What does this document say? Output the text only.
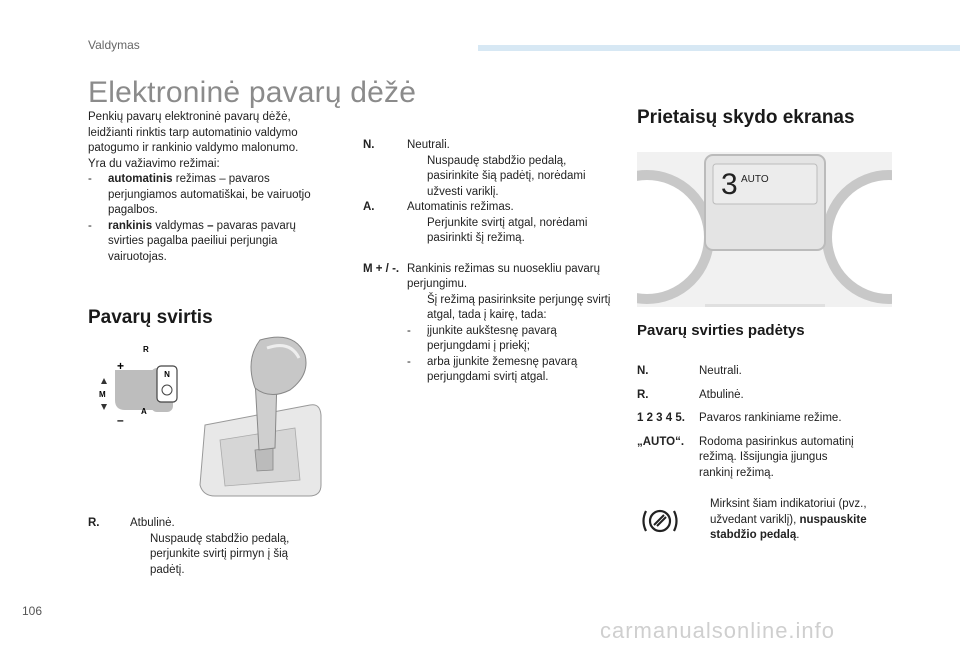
Valdymas
Elektroninė pavarų dėžė
Penkių pavarų elektroninė pavarų dėžė, leidžianti rinktis tarp automatinio valdymo patogumo ir rankinio valdymo malonumo.
Yra du važiavimo režimai:
- automatinis režimas – pavaros perjungiamos automatiškai, be vairuotjo pagalbos.
- rankinis valdymas – pavaras pavarų svirties pagalba paeiliui perjungia vairuotojas.
Pavarų svirtis
N
R
A
M
+
–
R.	Atbulinė.
Nuspaudę stabdžio pedalą, perjunkite svirtį pirmyn į šią padėtį.
N.	Neutrali.
Nuspaudę stabdžio pedalą, pasirinkite šią padėtį, norėdami užvesti variklį.
A.	Automatinis režimas.
Perjunkite svirtį atgal, norėdami pasirinkti šį režimą.
M + / -. Rankinis režimas su nuosekliu pavarų perjungimu.
Šį režimą pasirinksite perjungę svirtį atgal, tada į kairę, tada:
- įjunkite aukštesnę pavarą perjungdami į priekį;
- arba įjunkite žemesnę pavarą perjungdami svirtį atgal.
Prietaisų skydo ekranas
3 AUTO
Pavarų svirties padėtys
N.	Neutrali.
R.	Atbulinė.
1 2 3 4 5.	Pavaros rankiniame režime.
„AUTO“.	Rodoma pasirinkus automatinį režimą. Išsijungia įjungus rankinį režimą.
Mirksint šiam indikatoriui (pvz., užvedant variklį), nuspauskite stabdžio pedalą.
106
carmanualsonline.info
